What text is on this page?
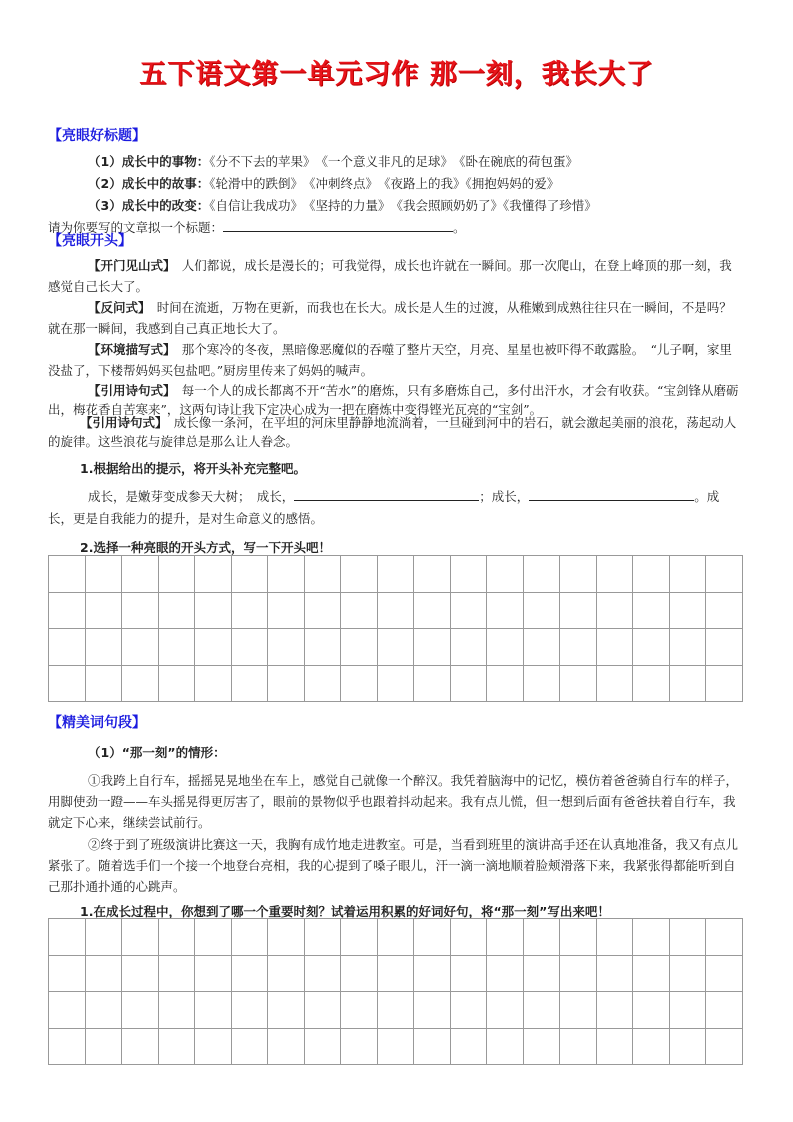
五下语文第一单元习作 那一刻，我长大了
【亮眼好标题】
（1）成长中的事物：《分不下去的苹果》　《一个意义非凡的足球》　《卧在碗底的荷包蛋》
（2）成长中的故事：《轮滑中的跌倒》　《冲刺终点》　《夜路上的我》《拥抱妈妈的爱》
（3）成长中的改变：《自信让我成功》　《坚持的力量》　《我会照顾奶奶了》《我懂得了珍惜》
请为你要写的文章拟一个标题：	。
【亮眼开头】
【开门见山式】　人们都说，成长是漫长的；可我觉得，成长也许就在一瞬间。那一次爬山，在登上峰顶的那一刻，我感觉自己长大了。
【反问式】　时间在流逝，万物在更新，而我也在长大。成长是人生的过渡，从稚嫩到成熟往往只在一瞬间，不是吗？就在那一瞬间，我感到自己真正地长大了。
【环境描写式】　那个寒冷的冬夜，黑暗像恶魔似的吞噬了整片天空，月亮、星星也被吓得不敢露脸。　“儿子啊，家里没盐了，下楼帮妈妈买包盐吧。”厨房里传来了妈妈的喊声。
【引用诗句式】　每一个人的成长都离不开“苦水”的磨炼，只有多磨炼自己，多付出汗水，才会有收获。“宝剑锋从磨砺出，梅花香自苦寒来”，这两句诗让我下定决心成为一把在磨炼中变得铿光瓦亮的“宝剑”。
【引用诗句式】　成长像一条河，在平坦的河床里静静地流淌着，一旦碰到河中的岩石，就会激起美丽的浪花，荡起动人的旋律。这些浪花与旋律总是那么让人眷念。
1.根据给出的提示，将开头补充完整吧。
成长，是嫩芽变成参天大树；　成长，	；成长，	。成长，更是自我能力的提升，是对生命意义的感悟。
2.选择一种亮眼的开头方式，写一下开头吧！
【精美词句段】
（1）“那一刻”的情形：
①我跨上自行车，摇摇晃晃地坐在车上，感觉自己就像一个醉汉。我凭着脑海中的记忆，模仿着爸爸骑自行车的样子，用脚使劲一蹬——车头摇晃得更厉害了，眼前的景物似乎也跟着抖动起来。我有点儿慌，但一想到后面有爸爸扶着自行车，我就定下心来，继续尝试前行。
②终于到了班级演讲比赛这一天，我胸有成竹地走进教室。可是，当看到班里的演讲高手还在认真地准备，我又有点儿紧张了。随着选手们一个接一个地登台亮相，我的心提到了嗓子眼儿，汗一滴一滴地顺着脸颊滑落下来，我紧张得都能听到自己那扑通扑通的心跳声。
1.在成长过程中，你想到了哪一个重要时刻？试着运用积累的好词好句，将“那一刻”写出来吧！
